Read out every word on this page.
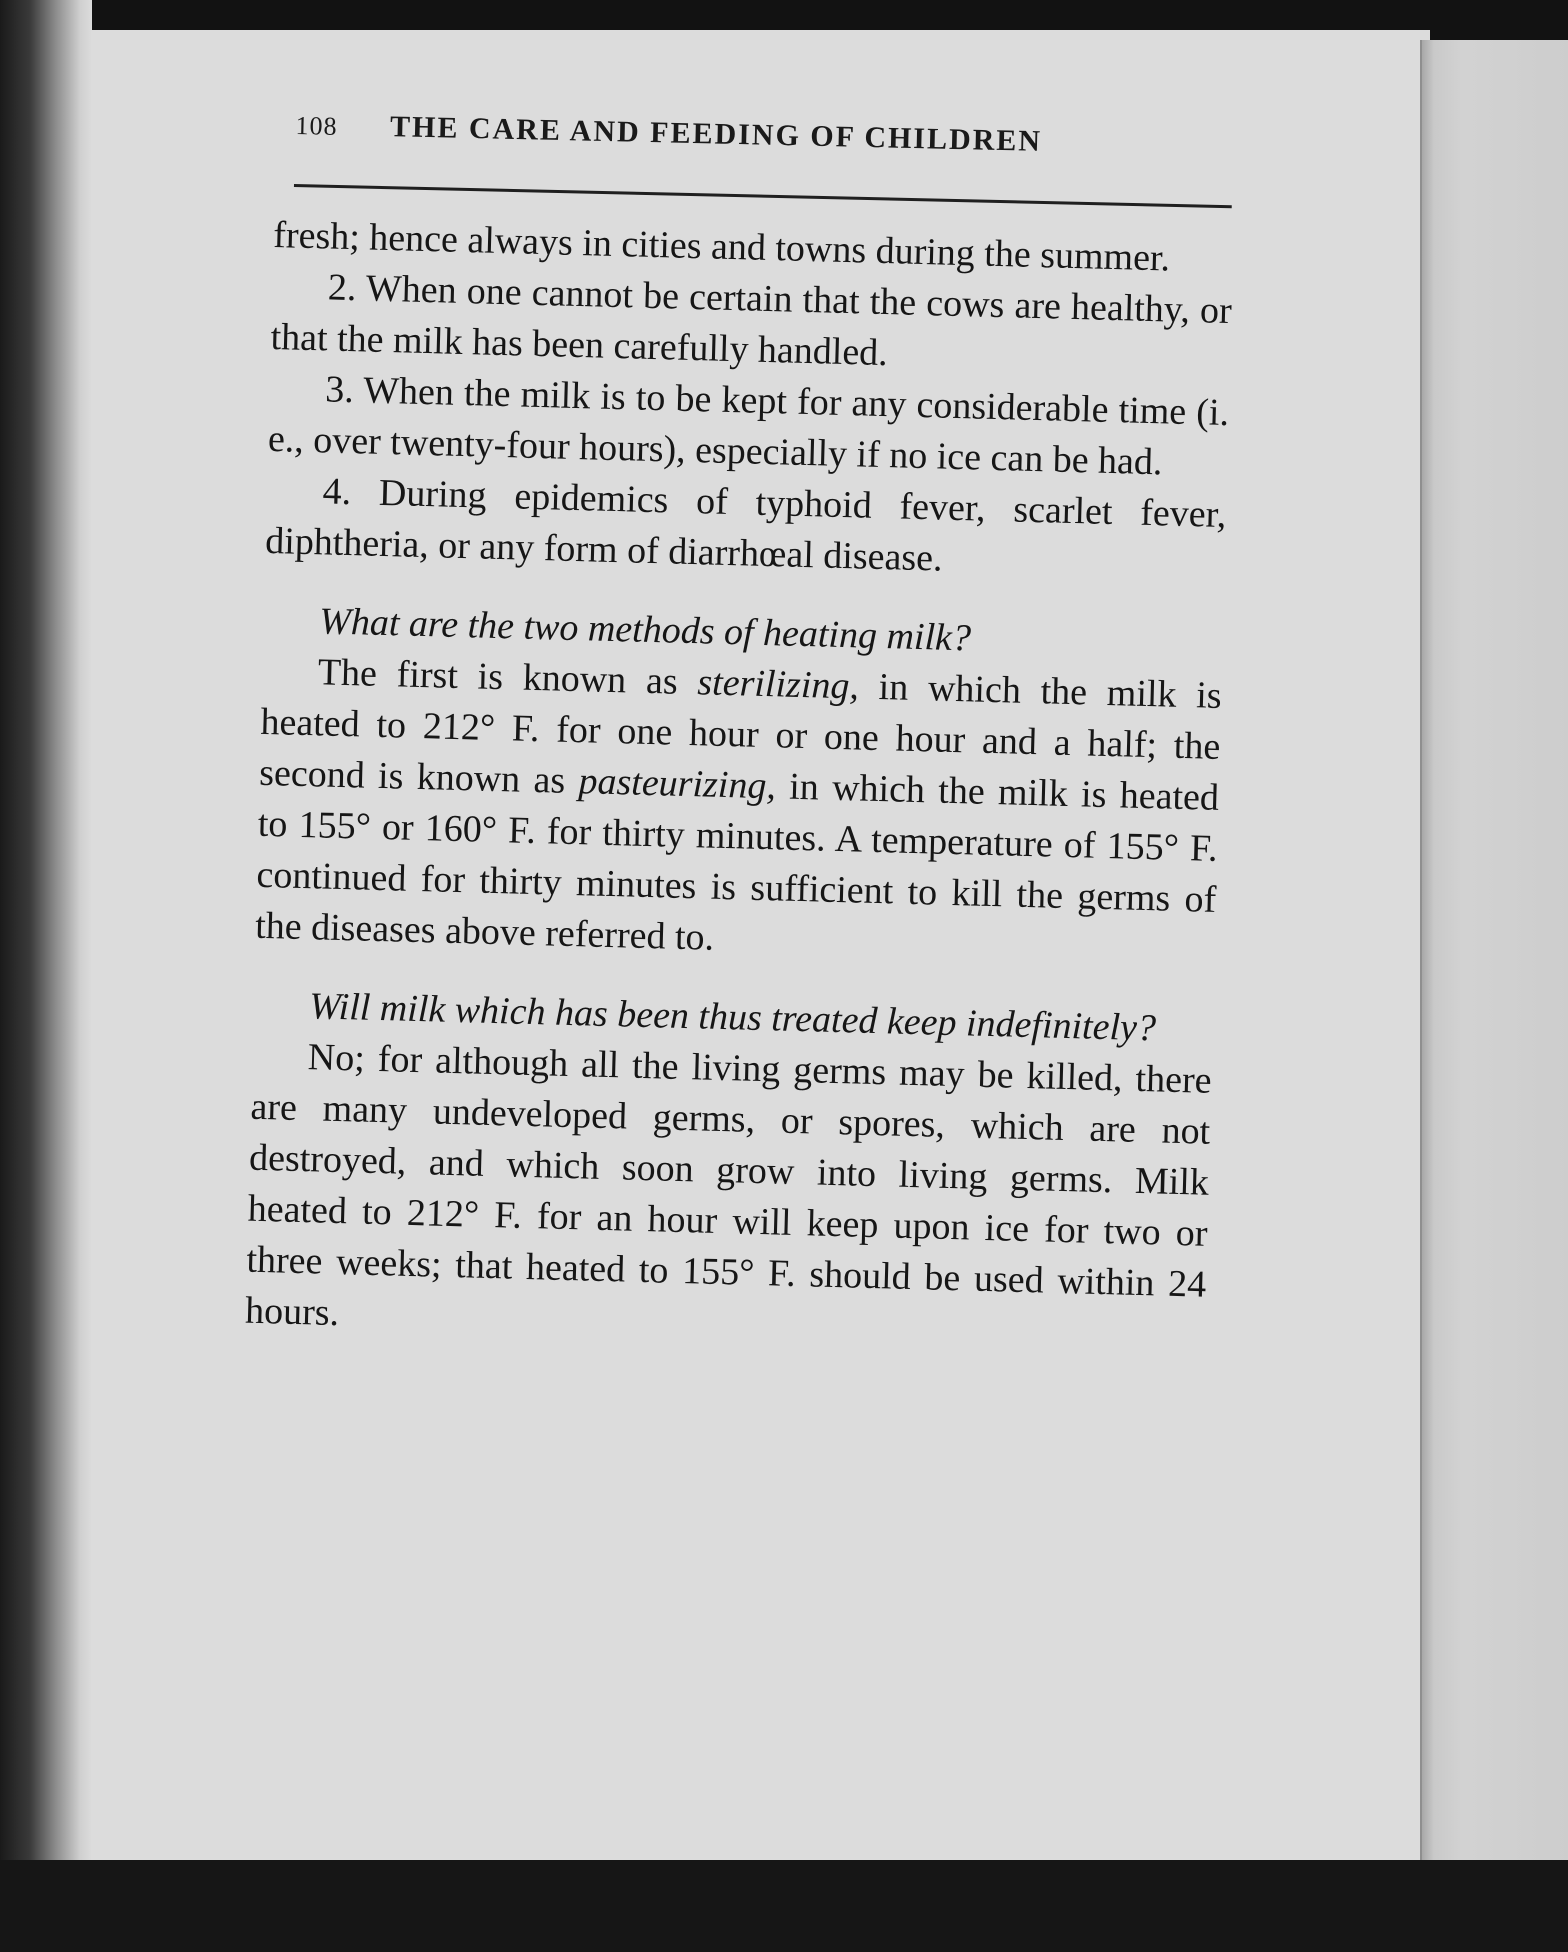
108 THE CARE AND FEEDING OF CHILDREN

fresh; hence always in cities and towns during the summer.

2. When one cannot be certain that the cows are healthy, or that the milk has been carefully handled.

3. When the milk is to be kept for any considerable time (i. e., over twenty-four hours), especially if no ice can be had.

4. During epidemics of typhoid fever, scarlet fever, diphtheria, or any form of diarrhœal disease.

What are the two methods of heating milk?

The first is known as sterilizing, in which the milk is heated to 212° F. for one hour or one hour and a half; the second is known as pasteurizing, in which the milk is heated to 155° or 160° F. for thirty minutes. A temperature of 155° F. continued for thirty minutes is sufficient to kill the germs of the diseases above referred to.

Will milk which has been thus treated keep indefinitely?

No; for although all the living germs may be killed, there are many undeveloped germs, or spores, which are not destroyed, and which soon grow into living germs. Milk heated to 212° F. for an hour will keep upon ice for two or three weeks; that heated to 155° F. should be used within 24 hours.
